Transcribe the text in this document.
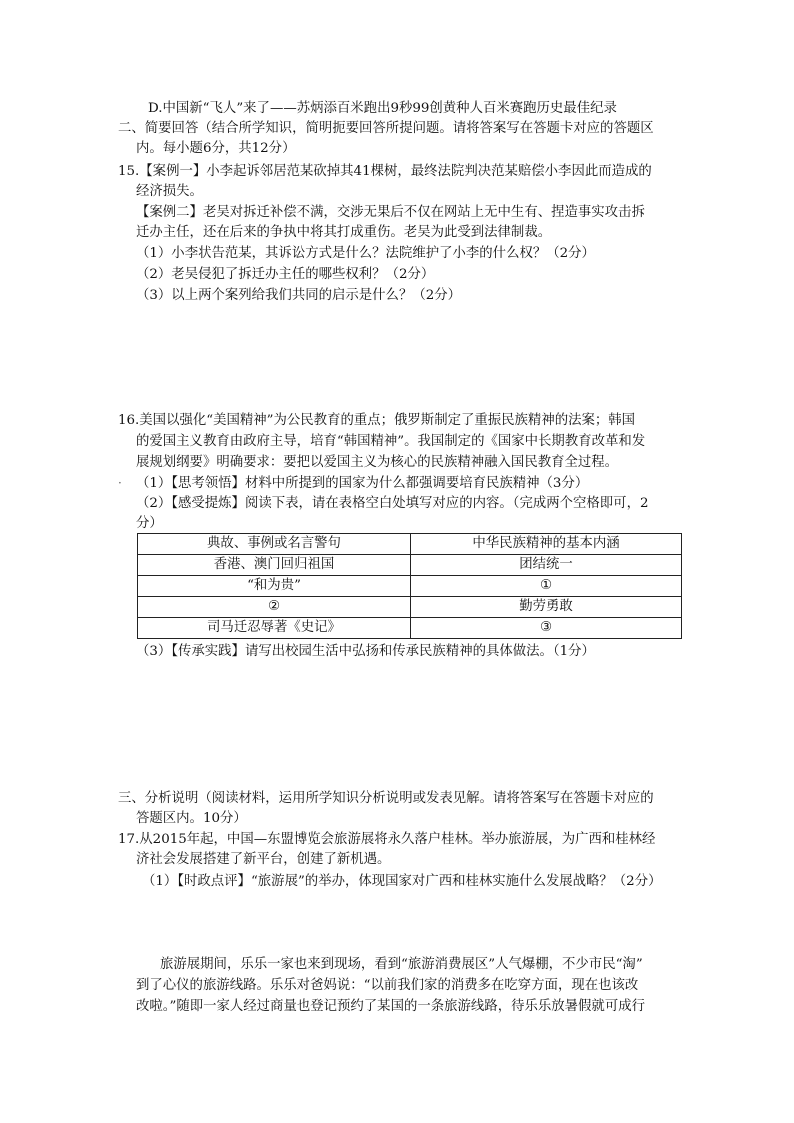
D.中国新“飞人”来了——苏炳添百米跑出9秒99创黄种人百米赛跑历史最佳纪录
二、简要回答（结合所学知识，简明扼要回答所提问题。请将答案写在答题卡对应的答题区
内。每小题6分，共12分）
15.【案例一】小李起诉邻居范某砍掉其41棵树，最终法院判决范某赔偿小李因此而造成的
经济损失。
【案例二】老吴对拆迁补偿不满，交涉无果后不仅在网站上无中生有、捏造事实攻击拆
迁办主任，还在后来的争执中将其打成重伤。老吴为此受到法律制裁。
（1）小李状告范某，其诉讼方式是什么？法院维护了小李的什么权？（2分）
（2）老吴侵犯了拆迁办主任的哪些权利？（2分）
（3）以上两个案列给我们共同的启示是什么？（2分）
16.美国以强化“美国精神”为公民教育的重点；俄罗斯制定了重振民族精神的法案；韩国
的爱国主义教育由政府主导，培育“韩国精神”。我国制定的《国家中长期教育改革和发
展规划纲要》明确要求：要把以爱国主义为核心的民族精神融入国民教育全过程。
· （1）【思考领悟】材料中所提到的国家为什么都强调要培育民族精神（3分）
（2）【感受提炼】阅读下表，请在表格空白处填写对应的内容。（完成两个空格即可，2
分）
典故、事例或名言警句	中华民族精神的基本内涵
香港、澳门回归祖国	团结统一
“和为贵”	①
②	勤劳勇敢
司马迁忍辱著《史记》	③
（3）【传承实践】请写出校园生活中弘扬和传承民族精神的具体做法。（1分）
三、分析说明（阅读材料，运用所学知识分析说明或发表见解。请将答案写在答题卡对应的
答题区内。10分）
17.从2015年起，中国—东盟博览会旅游展将永久落户桂林。举办旅游展，为广西和桂林经
济社会发展搭建了新平台，创建了新机遇。
（1）【时政点评】“旅游展”的举办，体现国家对广西和桂林实施什么发展战略？（2分）
旅游展期间，乐乐一家也来到现场，看到“旅游消费展区”人气爆棚，不少市民“淘”
到了心仪的旅游线路。乐乐对爸妈说：“以前我们家的消费多在吃穿方面，现在也该改
改啦。”随即一家人经过商量也登记预约了某国的一条旅游线路，待乐乐放暑假就可成行
